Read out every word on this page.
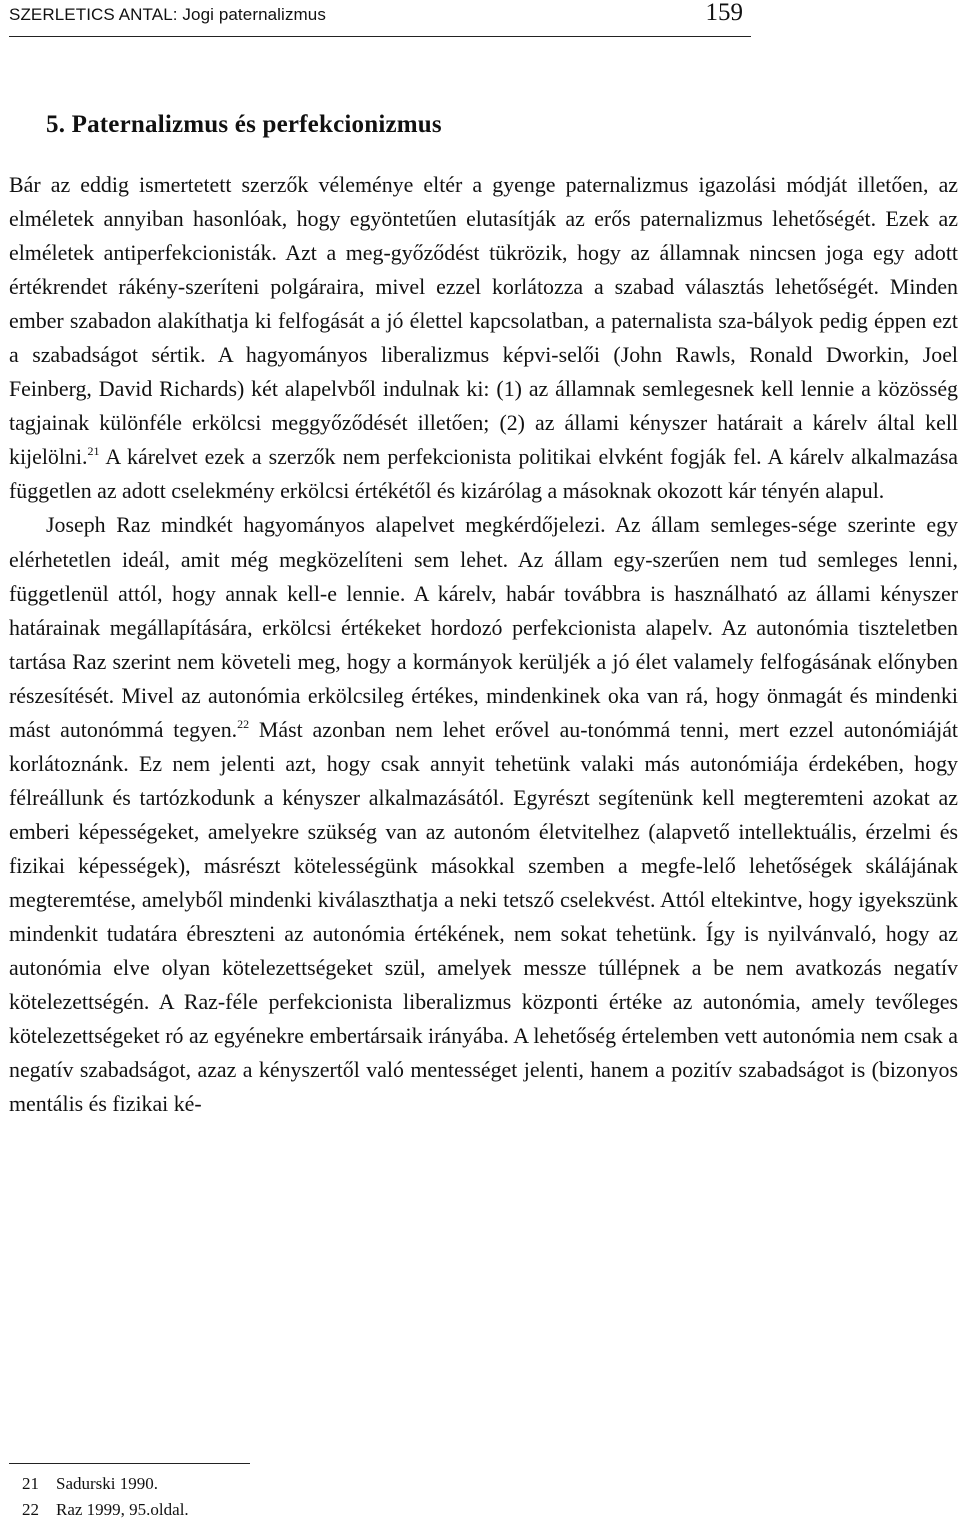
SZERLETICS ANTAL: Jogi paternalizmus	159
5. Paternalizmus és perfekcionizmus

Bár az eddig ismertetett szerzők véleménye eltér a gyenge paternalizmus igazolási módját illetően, az elméletek annyiban hasonlóak, hogy egyöntetűen elutasítják az erős paternalizmus lehetőségét. Ezek az elméletek antiperfekcionisták. Azt a meg-győződést tükrözik, hogy az államnak nincsen joga egy adott értékrendet rákény-szeríteni polgáraira, mivel ezzel korlátozza a szabad választás lehetőségét. Minden ember szabadon alakíthatja ki felfogását a jó élettel kapcsolatban, a paternalista sza-bályok pedig éppen ezt a szabadságot sértik. A hagyományos liberalizmus képvi-selői (John Rawls, Ronald Dworkin, Joel Feinberg, David Richards) két alapelvből indulnak ki: (1) az államnak semlegesnek kell lennie a közösség tagjainak különféle erkölcsi meggyőződését illetően; (2) az állami kényszer határait a kárelv által kell kijelölni.$^{21}$ A kárelvet ezek a szerzők nem perfekcionista politikai elvként fogják fel. A kárelv alkalmazása független az adott cselekmény erkölcsi értékétől és kizárólag a másoknak okozott kár tényén alapul.

Joseph Raz mindkét hagyományos alapelvet megkérdőjelezi. Az állam semleges-sége szerinte egy elérhetetlen ideál, amit még megközelíteni sem lehet. Az állam egy-szerűen nem tud semleges lenni, függetlenül attól, hogy annak kell-e lennie. A kárelv, habár továbbra is használható az állami kényszer határainak megállapítására, erkölcsi értékeket hordozó perfekcionista alapelv. Az autonómia tiszteletben tartása Raz szerint nem követeli meg, hogy a kormányok kerüljék a jó élet valamely felfogásának előnyben részesítését. Mivel az autonómia erkölcsileg értékes, mindenkinek oka van rá, hogy önmagát és mindenki mást autonómmá tegyen.$^{22}$ Mást azonban nem lehet erővel au-tonómmá tenni, mert ezzel autonómiáját korlátoznánk. Ez nem jelenti azt, hogy csak annyit tehetünk valaki más autonómiája érdekében, hogy félreállunk és tartózkodunk a kényszer alkalmazásától. Egyrészt segítenünk kell megteremteni azokat az emberi képességeket, amelyekre szükség van az autonóm életvitelhez (alapvető intellektuális, érzelmi és fizikai képességek), másrészt kötelességünk másokkal szemben a megfe-lelő lehetőségek skálájának megteremtése, amelyből mindenki kiválaszthatja a neki tetsző cselekvést. Attól eltekintve, hogy igyekszünk mindenkit tudatára ébreszteni az autonómia értékének, nem sokat tehetünk. Így is nyilvánvaló, hogy az autonómia elve olyan kötelezettségeket szül, amelyek messze túllépnek a be nem avatkozás negatív kötelezettségén. A Raz-féle perfekcionista liberalizmus központi értéke az autonómia, amely tevőleges kötelezettségeket ró az egyénekre embertársaik irányába. A lehetőség értelemben vett autonómia nem csak a negatív szabadságot, azaz a kényszertől való mentességet jelenti, hanem a pozitív szabadságot is (bizonyos mentális és fizikai ké-

21 Sadurski 1990.
22 Raz 1999, 95.oldal.
